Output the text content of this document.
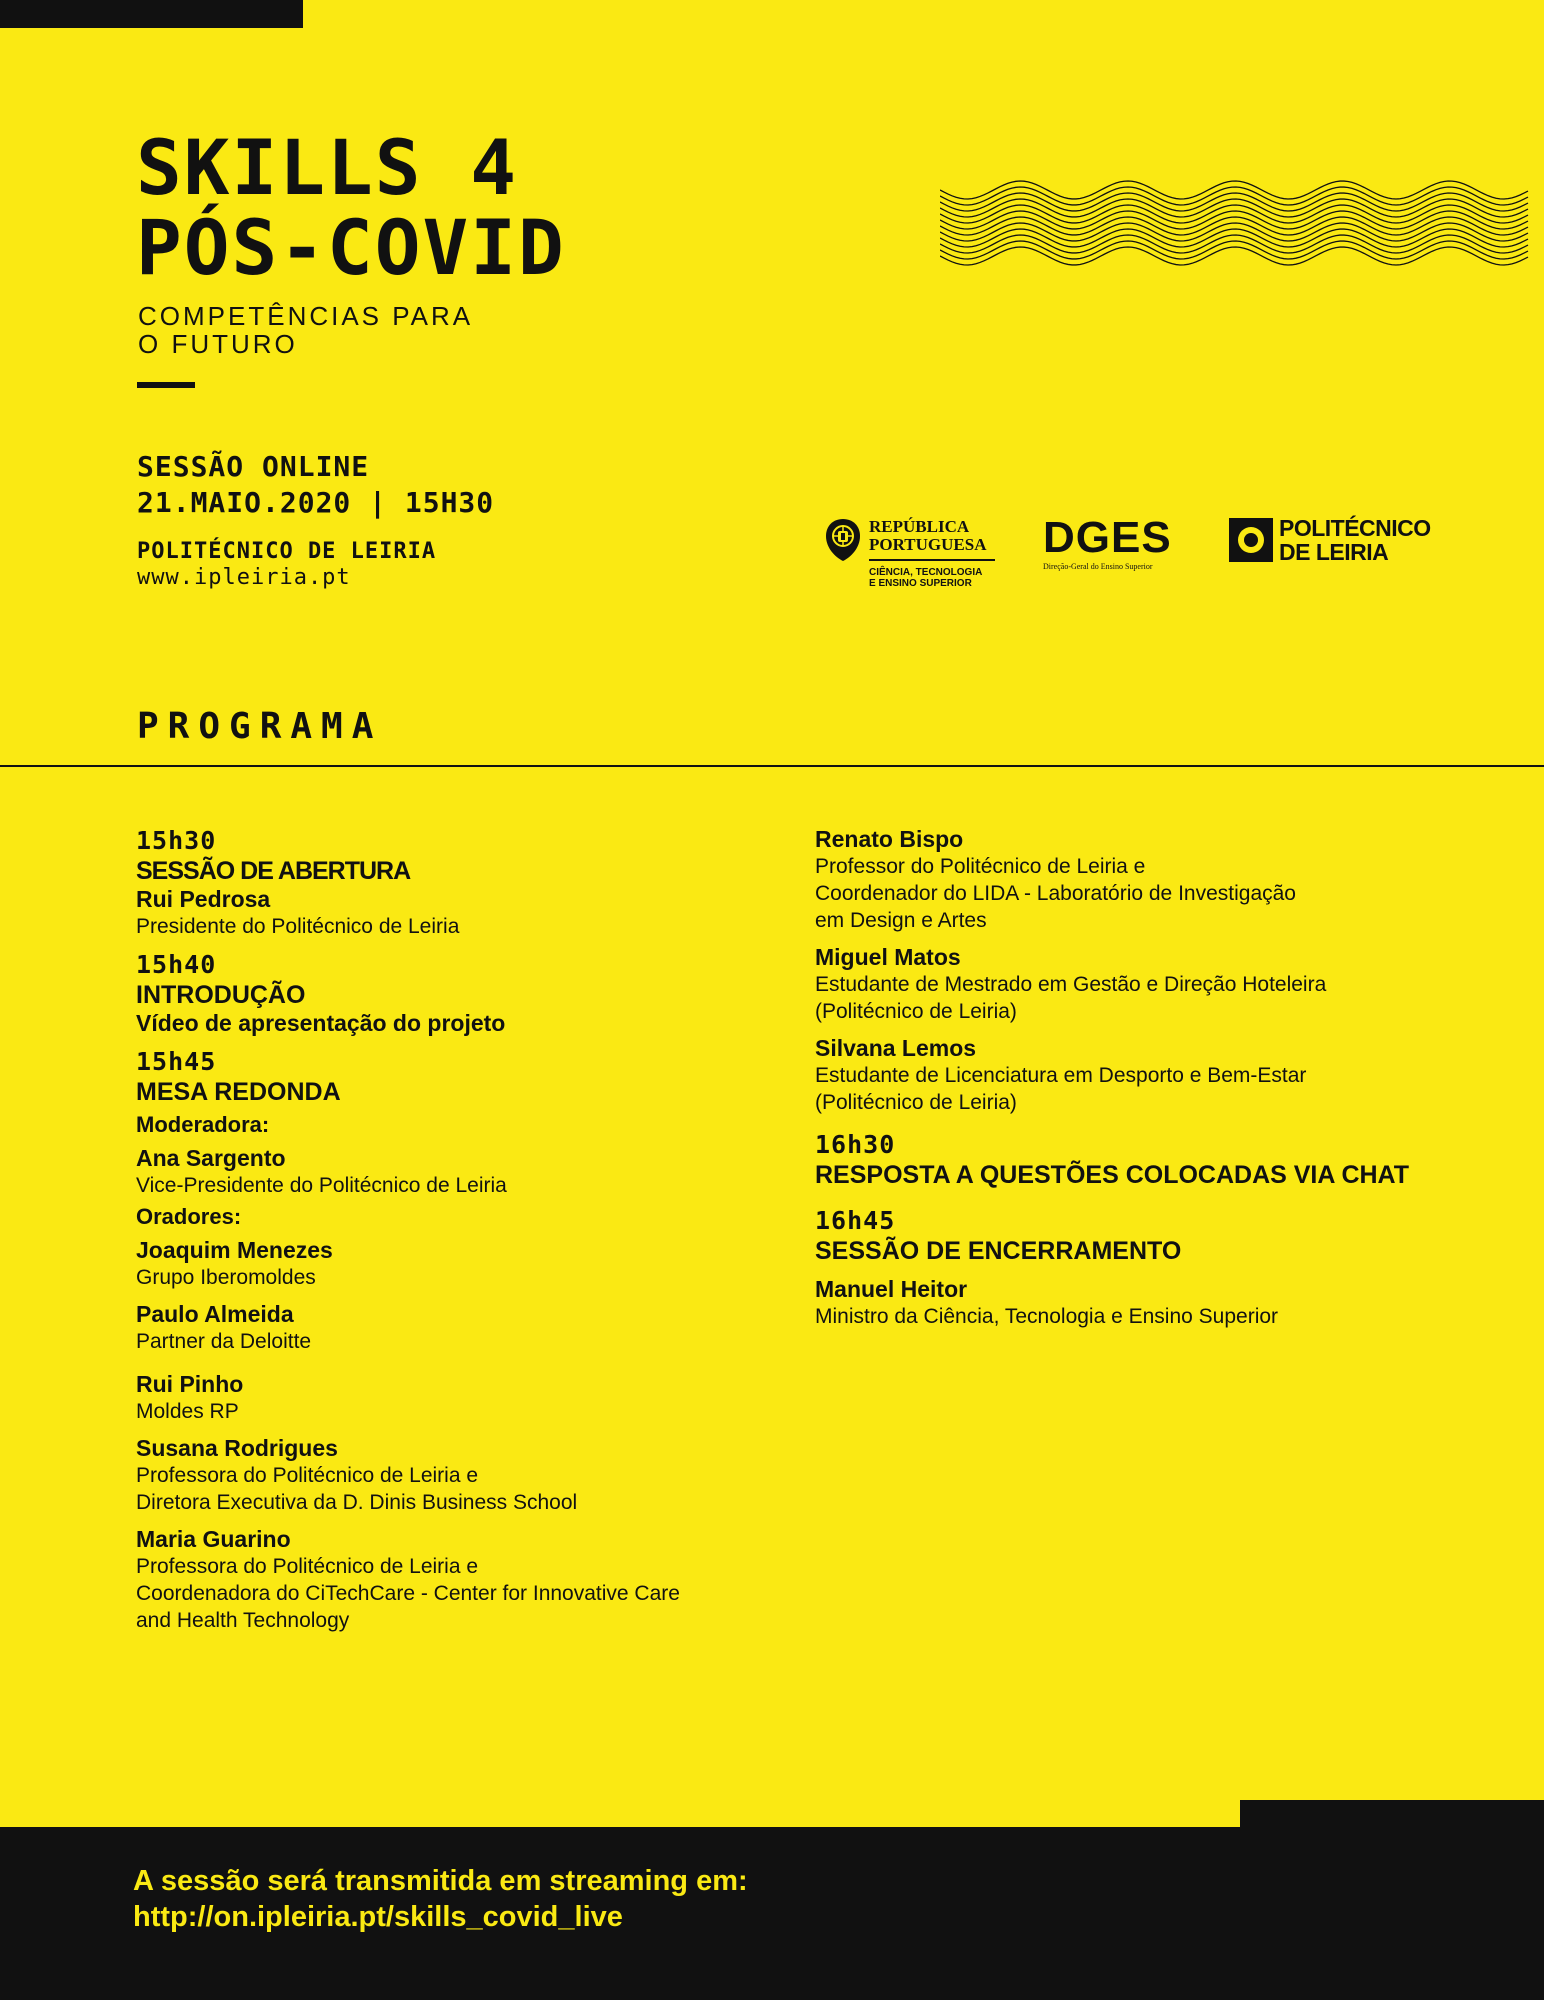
SKILLS 4
PÓS-COVID
COMPETÊNCIAS PARA
O FUTURO
SESSÃO ONLINE
21.MAIO.2020 | 15H30
POLITÉCNICO DE LEIRIA
www.ipleiria.pt
REPÚBLICA
PORTUGUESA
CIÊNCIA, TECNOLOGIA
E ENSINO SUPERIOR
DGES
Direção-Geral do Ensino Superior
POLITÉCNICO
DE LEIRIA
PROGRAMA
15h30
SESSÃO DE ABERTURA
Rui Pedrosa
Presidente do Politécnico de Leiria
15h40
INTRODUÇÃO
Vídeo de apresentação do projeto
15h45
MESA REDONDA
Moderadora:
Ana Sargento
Vice-Presidente do Politécnico de Leiria
Oradores:
Joaquim Menezes
Grupo Iberomoldes
Paulo Almeida
Partner da Deloitte
Rui Pinho
Moldes RP
Susana Rodrigues
Professora do Politécnico de Leiria e
Diretora Executiva da D. Dinis Business School
Maria Guarino
Professora do Politécnico de Leiria e
Coordenadora do CiTechCare - Center for Innovative Care
and Health Technology
Renato Bispo
Professor do Politécnico de Leiria e
Coordenador do LIDA - Laboratório de Investigação
em Design e Artes
Miguel Matos
Estudante de Mestrado em Gestão e Direção Hoteleira
(Politécnico de Leiria)
Silvana Lemos
Estudante de Licenciatura em Desporto e Bem-Estar
(Politécnico de Leiria)
16h30
RESPOSTA A QUESTÕES COLOCADAS VIA CHAT
16h45
SESSÃO DE ENCERRAMENTO
Manuel Heitor
Ministro da Ciência, Tecnologia e Ensino Superior
A sessão será transmitida em streaming em:
http://on.ipleiria.pt/skills_covid_live
